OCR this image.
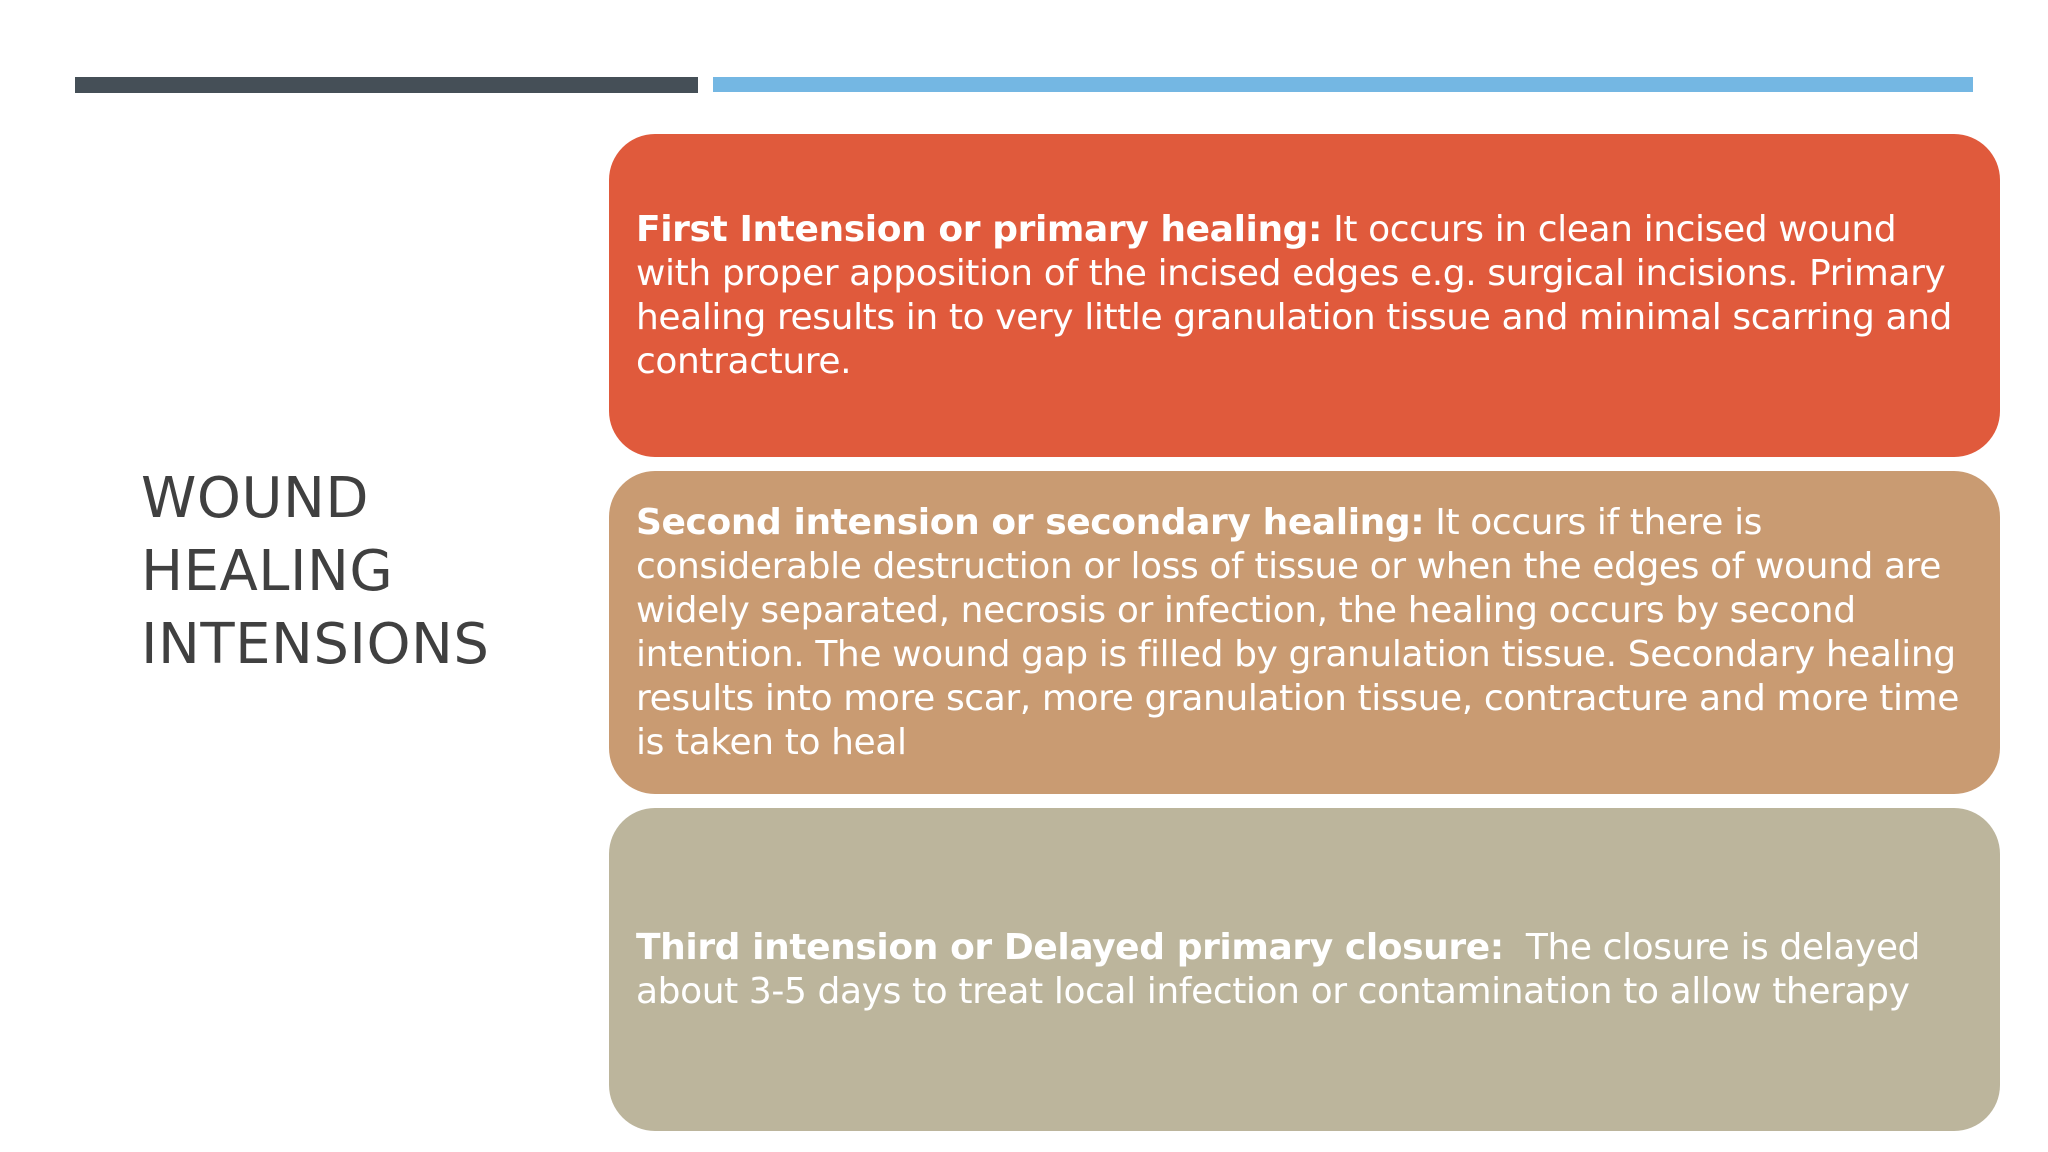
WOUND
HEALING
INTENSIONS

First Intension or primary healing: It occurs in clean incised wound with proper apposition of the incised edges e.g. surgical incisions. Primary healing results in to very little granulation tissue and minimal scarring and contracture.

Second intension or secondary healing: It occurs if there is considerable destruction or loss of tissue or when the edges of wound are widely separated, necrosis or infection, the healing occurs by second intention. The wound gap is filled by granulation tissue. Secondary healing results into more scar, more granulation tissue, contracture and more time is taken to heal

Third intension or Delayed primary closure:  The closure is delayed about 3-5 days to treat local infection or contamination to allow therapy
